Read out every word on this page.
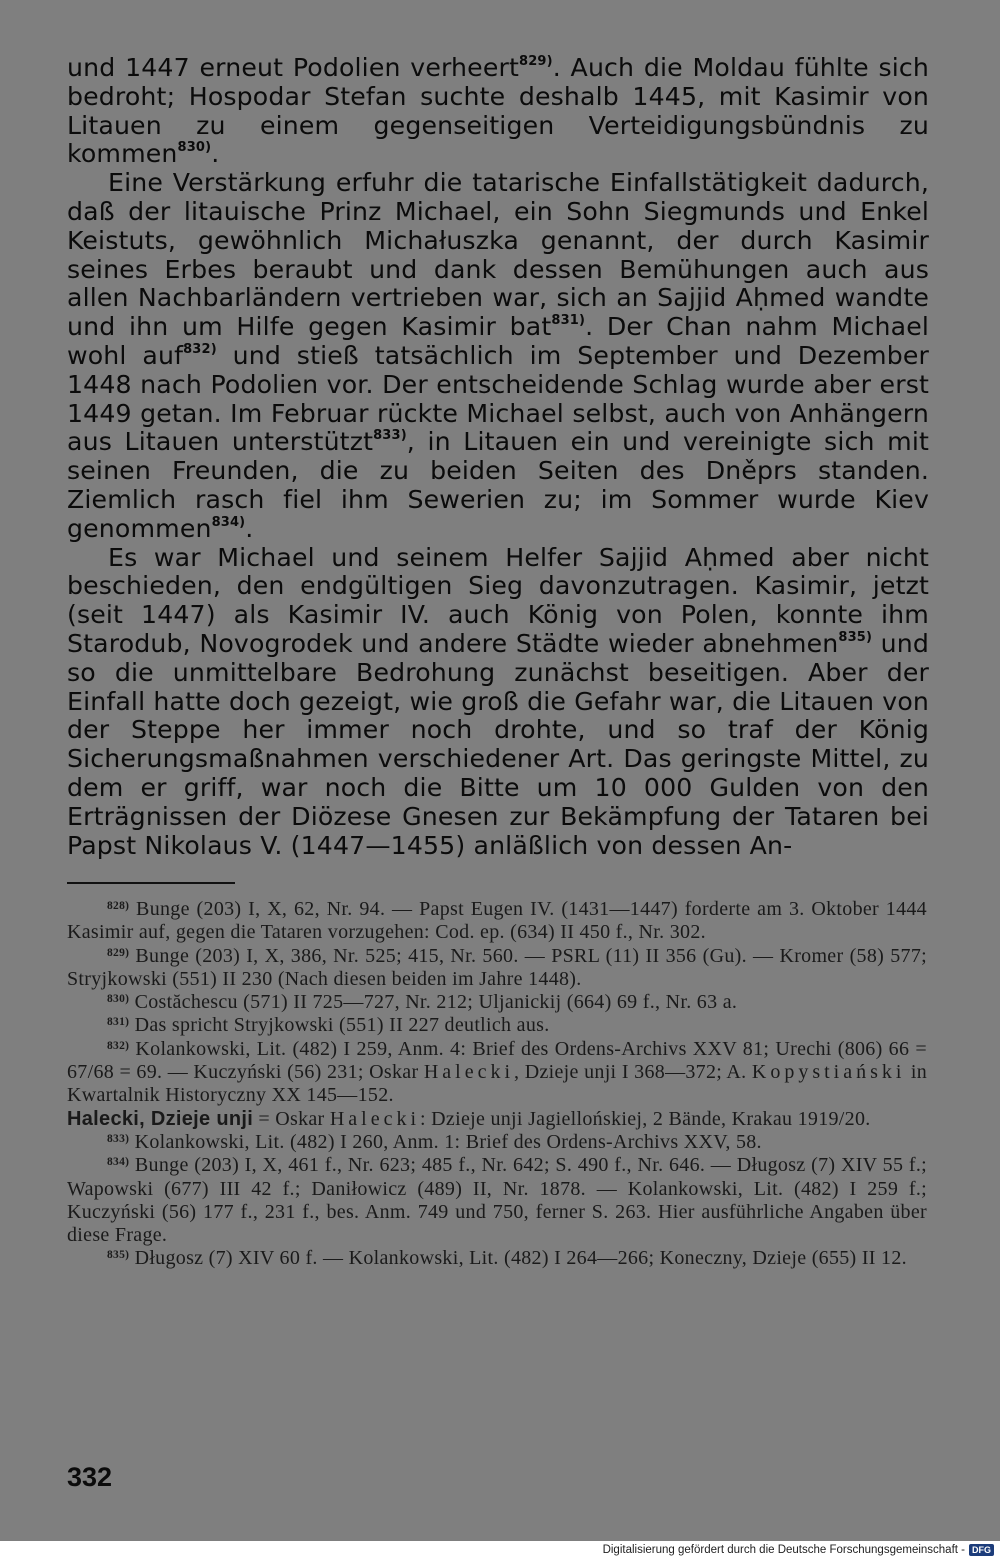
und 1447 erneut Podolien verheert$^{829)}$. Auch die Moldau fühlte sich bedroht; Hospodar Stefan suchte deshalb 1445, mit Kasimir von Litauen zu einem gegenseitigen Verteidigungsbündnis zu kommen$^{830)}$.

Eine Verstärkung erfuhr die tatarische Einfallstätigkeit dadurch, daß der litauische Prinz Michael, ein Sohn Siegmunds und Enkel Keistuts, gewöhnlich Michałuszka genannt, der durch Kasimir seines Erbes beraubt und dank dessen Bemühungen auch aus allen Nachbarländern vertrieben war, sich an Sajjid Aḥmed wandte und ihn um Hilfe gegen Kasimir bat$^{831)}$. Der Chan nahm Michael wohl auf$^{832)}$ und stieß tatsächlich im September und Dezember 1448 nach Podolien vor. Der entscheidende Schlag wurde aber erst 1449 getan. Im Februar rückte Michael selbst, auch von Anhängern aus Litauen unterstützt$^{833)}$, in Litauen ein und vereinigte sich mit seinen Freunden, die zu beiden Seiten des Dněprs standen. Ziemlich rasch fiel ihm Sewerien zu; im Sommer wurde Kiev genommen$^{834)}$.

Es war Michael und seinem Helfer Sajjid Aḥmed aber nicht beschieden, den endgültigen Sieg davonzutragen. Kasimir, jetzt (seit 1447) als Kasimir IV. auch König von Polen, konnte ihm Starodub, Novogrodek und andere Städte wieder abnehmen$^{835)}$ und so die unmittelbare Bedrohung zunächst beseitigen. Aber der Einfall hatte doch gezeigt, wie groß die Gefahr war, die Litauen von der Steppe her immer noch drohte, und so traf der König Sicherungsmaßnahmen verschiedener Art. Das geringste Mittel, zu dem er griff, war noch die Bitte um 10 000 Gulden von den Erträgnissen der Diözese Gnesen zur Bekämpfung der Tataren bei Papst Nikolaus V. (1447—1455) anläßlich von dessen An-

$^{828)}$ Bunge (203) I, X, 62, Nr. 94. — Papst Eugen IV. (1431—1447) forderte am 3. Oktober 1444 Kasimir auf, gegen die Tataren vorzugehen: Cod. ep. (634) II 450 f., Nr. 302.

$^{829)}$ Bunge (203) I, X, 386, Nr. 525; 415, Nr. 560. — PSRL (11) II 356 (Gu). — Kromer (58) 577; Stryjkowski (551) II 230 (Nach diesen beiden im Jahre 1448).

$^{830)}$ Costăchescu (571) II 725—727, Nr. 212; Uljanickij (664) 69 f., Nr. 63 a.

$^{831)}$ Das spricht Stryjkowski (551) II 227 deutlich aus.

$^{832)}$ Kolankowski, Lit. (482) I 259, Anm. 4: Brief des Ordens-Archivs XXV 81; Urechi (806) 66 = 67/68 = 69. — Kuczyński (56) 231; Oskar Halecki, Dzieje unji I 368—372; A. Kopystiański in Kwartalnik Historyczny XX 145—152.

Halecki, Dzieje unji = Oskar Halecki: Dzieje unji Jagiellońskiej, 2 Bände, Krakau 1919/20.

$^{833)}$ Kolankowski, Lit. (482) I 260, Anm. 1: Brief des Ordens-Archivs XXV, 58.

$^{834)}$ Bunge (203) I, X, 461 f., Nr. 623; 485 f., Nr. 642; S. 490 f., Nr. 646. — Długosz (7) XIV 55 f.; Wapowski (677) III 42 f.; Daniłowicz (489) II, Nr. 1878. — Kolankowski, Lit. (482) I 259 f.; Kuczyński (56) 177 f., 231 f., bes. Anm. 749 und 750, ferner S. 263. Hier ausführliche Angaben über diese Frage.

$^{835)}$ Długosz (7) XIV 60 f. — Kolankowski, Lit. (482) I 264—266; Koneczny, Dzieje (655) II 12.

332
Digitalisierung gefördert durch die Deutsche Forschungsgemeinschaft - DFG
